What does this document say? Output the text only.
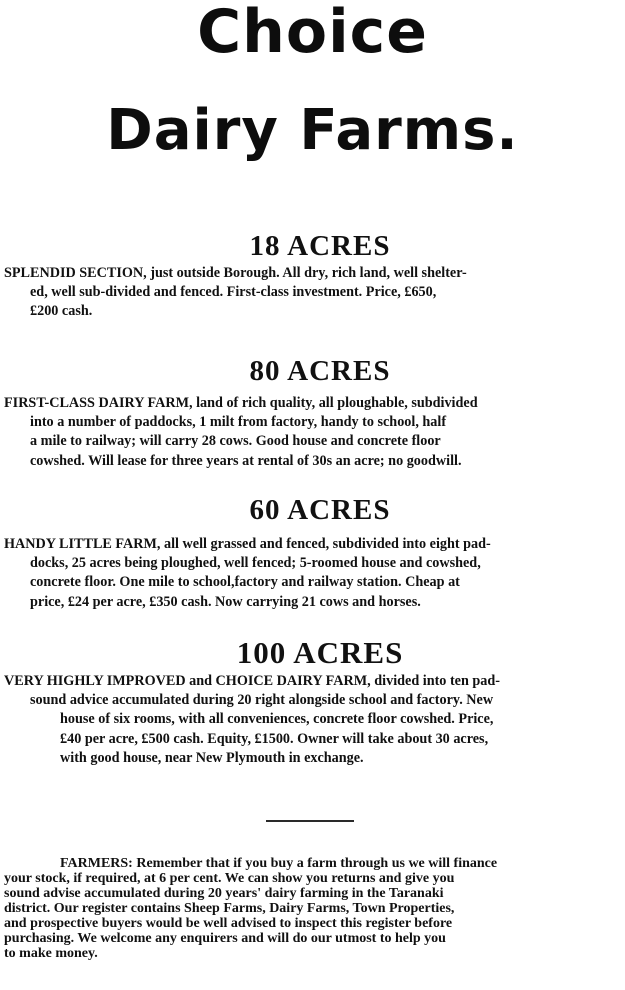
Choice
Dairy Farms.
18 ACRES
SPLENDID SECTION, just outside Borough. All dry, rich land, well shelter-
ed, well sub-divided and fenced. First-class investment. Price, £650,
£200 cash.
80 ACRES
FIRST-CLASS DAIRY FARM, land of rich quality, all ploughable, subdivided
into a number of paddocks, 1 milt from factory, handy to school, half
a mile to railway; will carry 28 cows. Good house and concrete floor
cowshed. Will lease for three years at rental of 30s an acre; no goodwill.
60 ACRES
HANDY LITTLE FARM, all well grassed and fenced, subdivided into eight pad-
docks, 25 acres being ploughed, well fenced; 5-roomed house and cowshed,
concrete floor. One mile to school,factory and railway station. Cheap at
price, £24 per acre, £350 cash. Now carrying 21 cows and horses.
100 ACRES
VERY HIGHLY IMPROVED and CHOICE DAIRY FARM, divided into ten pad-
sound advice accumulated during 20 right alongside school and factory. New
house of six rooms, with all conveniences, concrete floor cowshed. Price,
£40 per acre, £500 cash. Equity, £1500. Owner will take about 30 acres,
with good house, near New Plymouth in exchange.
FARMERS: Remember that if you buy a farm through us we will finance
your stock, if required, at 6 per cent. We can show you returns and give you
sound advise accumulated during 20 years' dairy farming in the Taranaki
district. Our register contains Sheep Farms, Dairy Farms, Town Properties,
and prospective buyers would be well advised to inspect this register before
purchasing. We welcome any enquirers and will do our utmost to help you
to make money.
